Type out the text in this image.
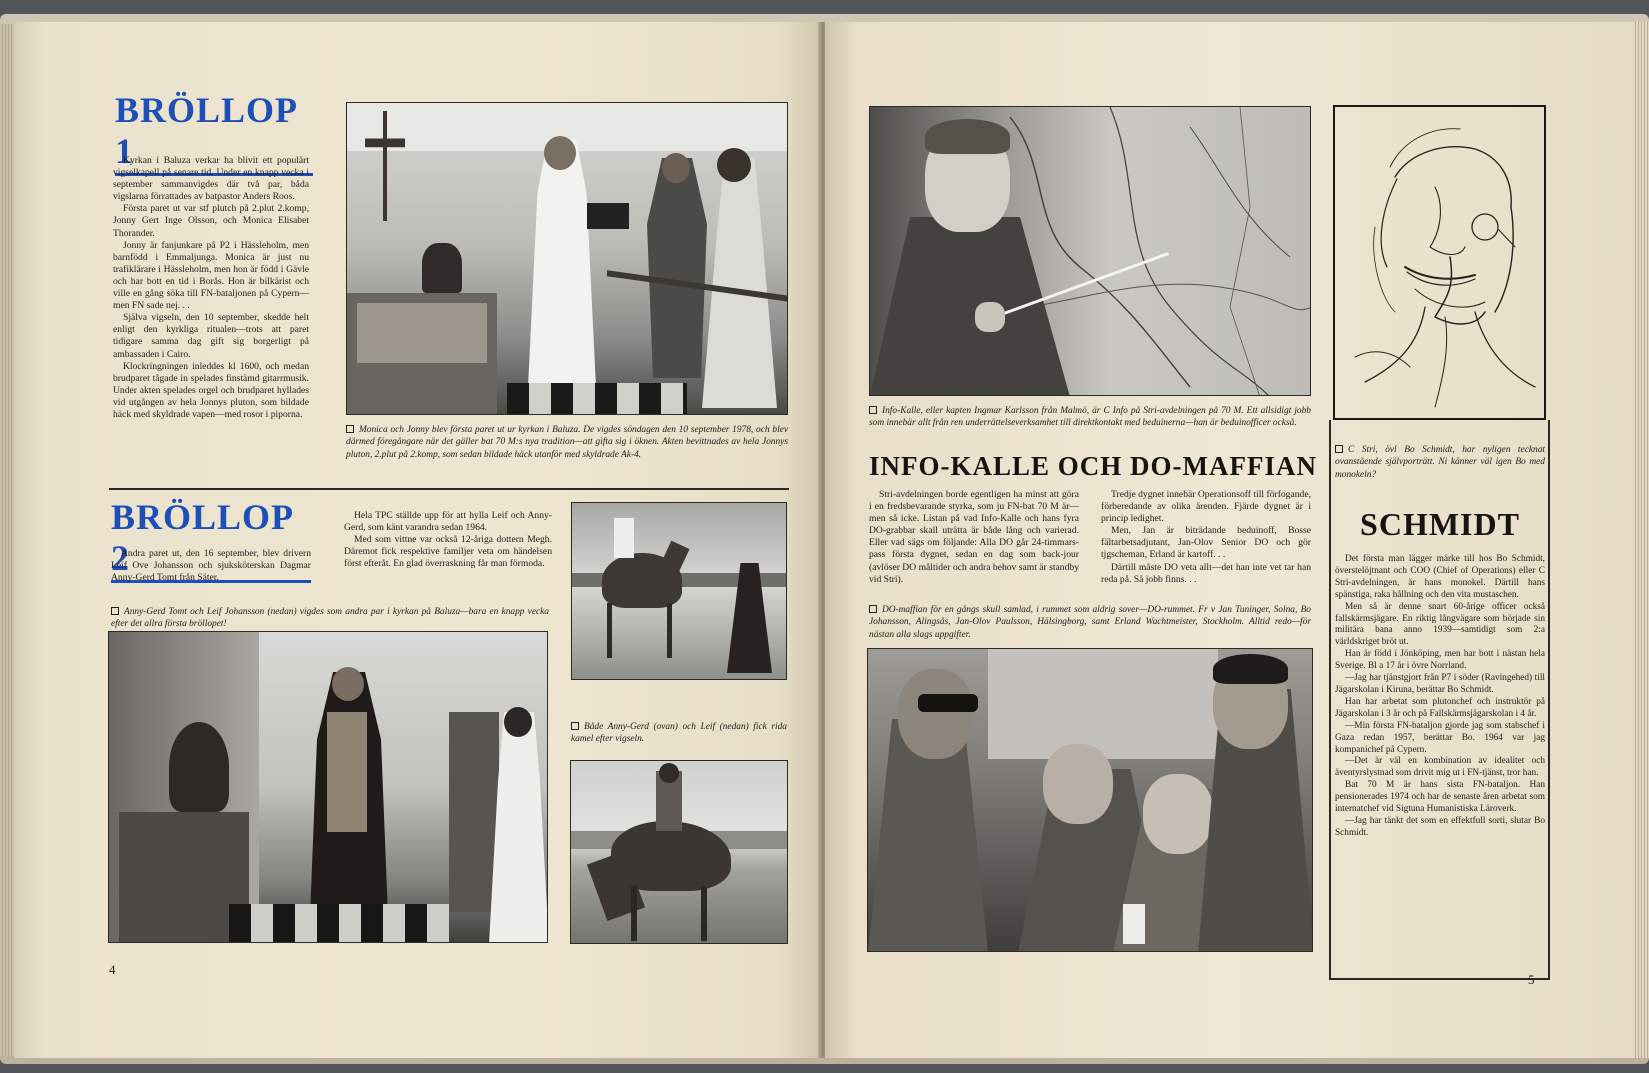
BRÖLLOP 1

Kyrkan i Baluza verkar ha blivit ett populärt vigselkapell på senare tid. Under en knapp vecka i september sammanvigdes där två par, båda vigslarna förrattades av batpastor Anders Roos.

Första paret ut var stf plutch på 2.plut 2.komp, Jonny Gert Inge Olsson, och Monica Elisabet Thorander.

Jonny är fanjunkare på P2 i Hässleholm, men barnfödd i Emmaljunga. Monica är just nu trafiklärare i Hässleholm, men hon är född i Gävle och har bott en tid i Borås. Hon är bilkärist och ville en gång söka till FN-bataljonen på Cypern—men FN sade nej. . .

Själva vigseln, den 10 september, skedde helt enligt den kyrkliga ritualen—trots att paret tidigare samma dag gift sig borgerligt på ambassaden i Cairo.

Klockringningen inleddes kl 1600, och medan brudparet tågade in spelades finstämd gitarrmusik. Under akten spelades orgel och brudparet hyllades vid utgången av hela Jonnys pluton, som bildade häck med skyldrade vapen—med rosor i piporna.

Monica och Jonny blev första paret ut ur kyrkan i Baluza. De vigdes söndagen den 10 september 1978, och blev därmed föregångare när det gäller bat 70 M:s nya tradition—att gifta sig i öknen. Akten bevittnades av hela Jonnys pluton, 2.plut på 2.komp, som sedan bildade häck utanför med skyldrade Ak-4.
BRÖLLOP 2

Andra paret ut, den 16 september, blev drivern Leif Ove Johansson och sjuksköterskan Dagmar Anny-Gerd Tomt från Säter.

Hela TPC ställde upp för att hylla Leif och Anny-Gerd, som känt varandra sedan 1964.

Med som vittne var också 12-åriga dottern Megh. Däremot fick respektive familjer veta om händelsen först efteråt. En glad överraskning får man förmoda.

Anny-Gerd Tomt och Leif Johansson (nedan) vigdes som andra par i kyrkan på Baluza—bara en knapp vecka efter det allra första bröllopet!
Både Anny-Gerd (ovan) och Leif (nedan) fick rida kamel efter vigseln.
4
Info-Kalle, eller kapten Ingmar Karlsson från Malmö, är C Info på Stri-avdelningen på 70 M. Ett allsidigt jobb som innebär allt från ren underrättelseverksamhet till direktkontakt med beduinerna—han är beduinofficer också.
INFO-KALLE OCH DO-MAFFIAN

Stri-avdelningen borde egentligen ha minst att göra i en fredsbevarande styrka, som ju FN-bat 70 M är—men så icke. Listan på vad Info-Kalle och hans fyra DO-grabbar skall uträtta är både lång och varierad. Eller vad sägs om följande: Alla DO går 24-timmars-pass första dygnet, sedan en dag som back-jour (avlöser DO måltider och andra behov samt är standby vid Stri).

Tredje dygnet innebär Operationsoff till förfogande, förberedande av olika ärenden. Fjärde dygnet är i princip ledighet.

Men, Jan är biträdande beduinoff, Bosse fältarbetsadjutant, Jan-Olov Senior DO och gör tjgscheman, Erland är kartoff. . .

Därtill måste DO veta allt—det han inte vet tar han reda på. Så jobb finns. . .

DO-maffian för en gångs skull samlad, i rummet som aldrig sover—DO-rummet. Fr v Jan Tuninger, Solna, Bo Johansson, Alingsås, Jan-Olov Paulsson, Hälsingborg, samt Erland Wachtmeister, Stockholm. Alltid redo—för nästan alla slags uppgifter.
C Stri, övl Bo Schmidt, har nyligen tecknat ovanstående självporträtt. Ni känner väl igen Bo med monokeln?
SCHMIDT

Det första man lägger märke till hos Bo Schmidt, överstelöjtnant och COO (Chief of Operations) eller C Stri-avdelningen, är hans monokel. Därtill hans spänstiga, raka hållning och den vita mustaschen.

Men så är denne snart 60-årige officer också fallskärmsjägare. En riktig långvägare som började sin militära bana anno 1939—samtidigt som 2:a världskriget bröt ut.

Han är född i Jönköping, men har bott i nästan hela Sverige. Bl a 17 år i övre Norrland.

—Jag har tjänstgjort från P7 i söder (Ravingehed) till Jägarskolan i Kiruna, berättar Bo Schmidt.

Han har arbetat som plutonchef och instruktör på Jägarskolan i 3 år och på Fallskärmsjägarskolan i 4 år.

—Min första FN-bataljon gjorde jag som stabschef i Gaza redan 1957, berättar Bo. 1964 var jag kompanichef på Cypern.

—Det är väl en kombination av idealitet och äventyrslystnad som drivit mig ut i FN-tjänst, tror han.

Bat 70 M är hans sista FN-bataljon. Han pensionerades 1974 och har de senaste åren arbetat som internatchef vid Sigtuna Humanistiska Läroverk.

—Jag har tänkt det som en effektfull sorti, slutar Bo Schmidt.

5
